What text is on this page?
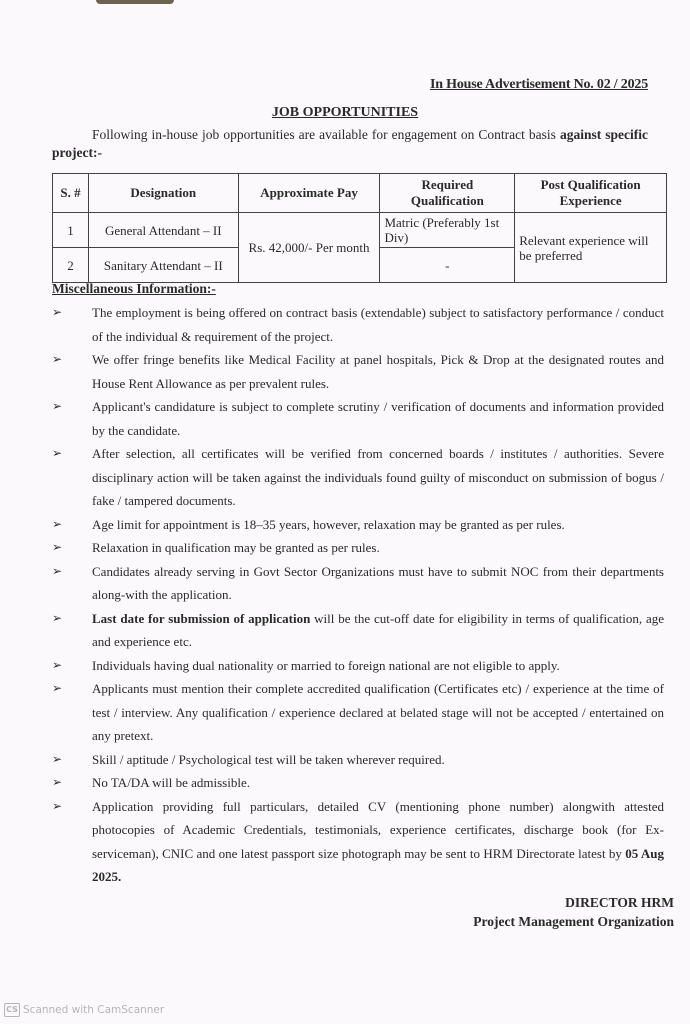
In House Advertisement No. 02 / 2025
JOB OPPORTUNITIES
Following in-house job opportunities are available for engagement on Contract basis against specific project:-
S. #	Designation	Approximate Pay	Required Qualification	Post Qualification Experience
1	General Attendant – II	Rs. 42,000/- Per month	Matric (Preferably 1st Div)	Relevant experience will be preferred
2	Sanitary Attendant – II		-	
Miscellaneous Information:-
➢ The employment is being offered on contract basis (extendable) subject to satisfactory performance / conduct of the individual & requirement of the project.
➢ We offer fringe benefits like Medical Facility at panel hospitals, Pick & Drop at the designated routes and House Rent Allowance as per prevalent rules.
➢ Applicant's candidature is subject to complete scrutiny / verification of documents and information provided by the candidate.
➢ After selection, all certificates will be verified from concerned boards / institutes / authorities. Severe disciplinary action will be taken against the individuals found guilty of misconduct on submission of bogus / fake / tampered documents.
➢ Age limit for appointment is 18–35 years, however, relaxation may be granted as per rules.
➢ Relaxation in qualification may be granted as per rules.
➢ Candidates already serving in Govt Sector Organizations must have to submit NOC from their departments along-with the application.
➢ Last date for submission of application will be the cut-off date for eligibility in terms of qualification, age and experience etc.
➢ Individuals having dual nationality or married to foreign national are not eligible to apply.
➢ Applicants must mention their complete accredited qualification (Certificates etc) / experience at the time of test / interview. Any qualification / experience declared at belated stage will not be accepted / entertained on any pretext.
➢ Skill / aptitude / Psychological test will be taken wherever required.
➢ No TA/DA will be admissible.
➢ Application providing full particulars, detailed CV (mentioning phone number) alongwith attested photocopies of Academic Credentials, testimonials, experience certificates, discharge book (for Ex-serviceman), CNIC and one latest passport size photograph may be sent to HRM Directorate latest by 05 Aug 2025.
DIRECTOR HRM
Project Management Organization
CS Scanned with CamScanner
